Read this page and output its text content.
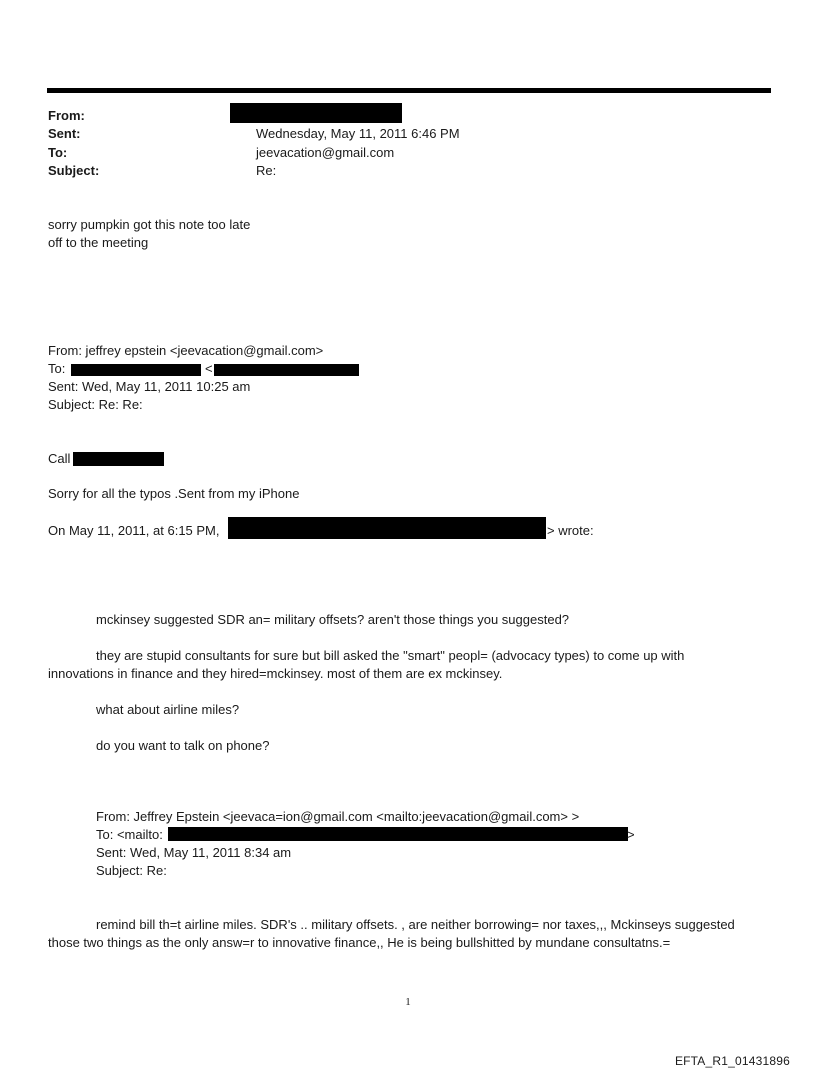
From:
Sent:	Wednesday, May 11, 2011 6:46 PM
To:	jeevacation@gmail.com
Subject:	Re:
sorry pumpkin got this note too late
off to the meeting
From: jeffrey epstein <jeevacation@gmail.com>
To:	<
Sent: Wed, May 11, 2011 10:25 am
Subject: Re: Re:
Call
Sorry for all the typos .Sent from my iPhone
On May 11, 2011, at 6:15 PM,	> wrote:
mckinsey suggested SDR an= military offsets? aren't those things you suggested?
they are stupid consultants for sure but bill asked the "smart" peopl= (advocacy types) to come up with
innovations in finance and they hired=mckinsey. most of them are ex mckinsey.
what about airline miles?
do you want to talk on phone?
From: Jeffrey Epstein <jeevaca=ion@gmail.com <mailto:jeevacation@gmail.com> >
To: <mailto:	>
Sent: Wed, May 11, 2011 8:34 am
Subject: Re:
remind bill th=t airline miles. SDR's .. military offsets. , are neither borrowing= nor taxes,,, Mckinseys suggested
those two things as the only answ=r to innovative finance,, He is being bullshitted by mundane consultatns.=
1
EFTA_R1_01431896
